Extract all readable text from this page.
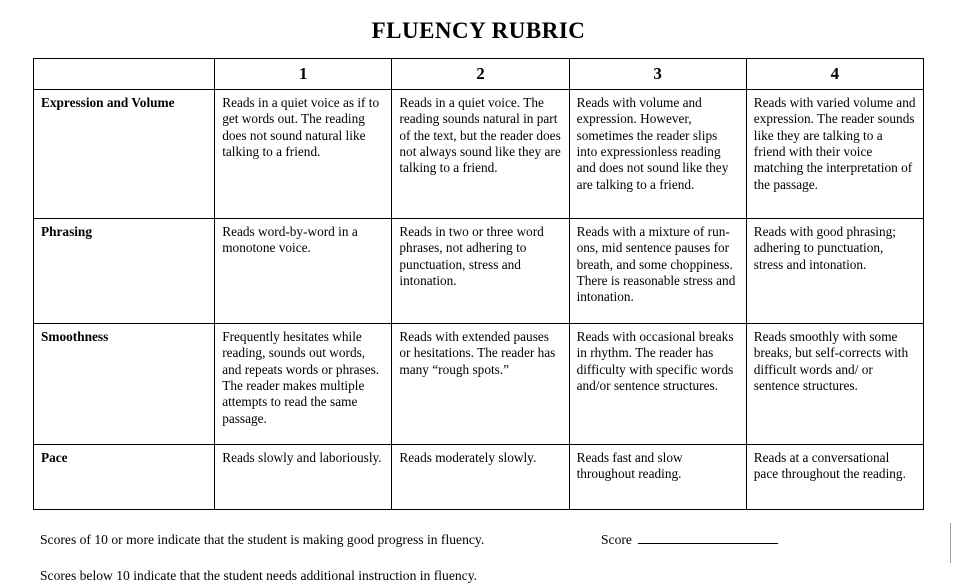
FLUENCY RUBRIC
	1	2	3	4
Expression and Volume	Reads in a quiet voice as if to get words out. The reading does not sound natural like talking to a friend.	Reads in a quiet voice. The reading sounds natural in part of the text, but the reader does not always sound like they are talking to a friend.	Reads with volume and expression. However, sometimes the reader slips into expressionless reading and does not sound like they are talking to a friend.	Reads with varied volume and expression. The reader sounds like they are talking to a friend with their voice matching the interpretation of the passage.
Phrasing	Reads word-by-word in a monotone voice.	Reads in two or three word phrases, not adhering to punctuation, stress and intonation.	Reads with a mixture of run-ons, mid sentence pauses for breath, and some choppiness. There is reasonable stress and intonation.	Reads with good phrasing; adhering to punctuation, stress and intonation.
Smoothness	Frequently hesitates while reading, sounds out words, and repeats words or phrases. The reader makes multiple attempts to read the same passage.	Reads with extended pauses or hesitations. The reader has many “rough spots.”	Reads with occasional breaks in rhythm. The reader has difficulty with specific words and/or sentence structures.	Reads smoothly with some breaks, but self-corrects with difficult words and/ or sentence structures.
Pace	Reads slowly and laboriously.	Reads moderately slowly.	Reads fast and slow throughout reading.	Reads at a conversational pace throughout the reading.
Scores of 10 or more indicate that the student is making good progress in fluency.	Score
Scores below 10 indicate that the student needs additional instruction in fluency.
